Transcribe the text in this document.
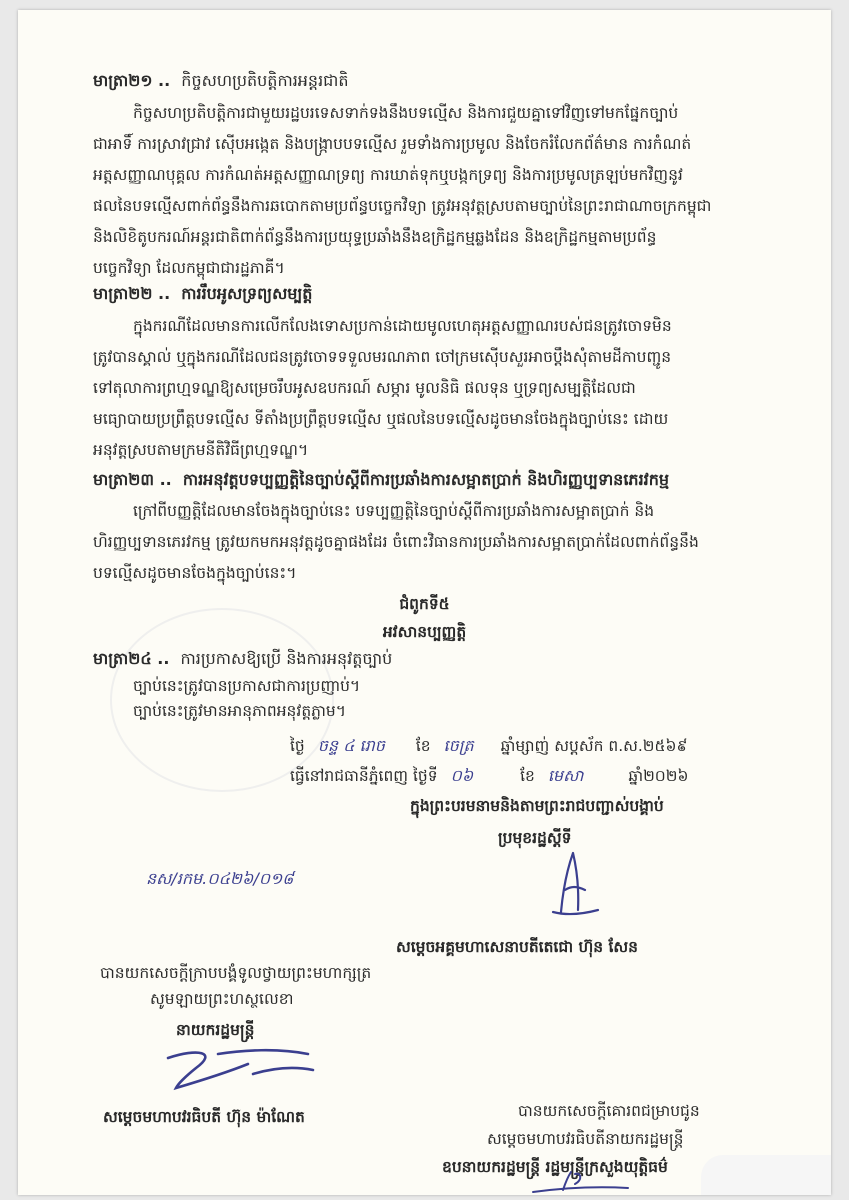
មាត្រា២១ .. កិច្ចសហប្រតិបត្តិការអន្តរជាតិ
កិច្ចសហប្រតិបត្តិការជាមួយរដ្ឋបរទេសទាក់ទងនឹងបទល្មើស និងការជួយគ្នាទៅវិញទៅមកផ្នែកច្បាប់
ជាអាទិ៍ ការស្រាវជ្រាវ ស៊ើបអង្កេត និងបង្ក្រាបបទល្មើស រួមទាំងការប្រមូល និងចែករំលែកព័ត៌មាន ការកំណត់
អត្តសញ្ញាណបុគ្គល ការកំណត់អត្តសញ្ញាណទ្រព្យ ការឃាត់ទុកឬបង្កកទ្រព្យ និងការប្រមូលត្រឡប់មកវិញនូវ
ផលនៃបទល្មើសពាក់ព័ន្ធនឹងការឆបោកតាមប្រព័ន្ធបច្ចេកវិទ្យា ត្រូវអនុវត្តស្របតាមច្បាប់នៃព្រះរាជាណាចក្រកម្ពុជា
និងលិខិតូបករណ៍អន្តរជាតិពាក់ព័ន្ធនឹងការប្រយុទ្ធប្រឆាំងនឹងឧក្រិដ្ឋកម្មឆ្លងដែន និងឧក្រិដ្ឋកម្មតាមប្រព័ន្ធ
បច្ចេកវិទ្យា ដែលកម្ពុជាជារដ្ឋភាគី។
មាត្រា២២ .. ការរឹបអូសទ្រព្យសម្បត្តិ
ក្នុងករណីដែលមានការលើកលែងទោសប្រកាន់ដោយមូលហេតុអត្តសញ្ញាណរបស់ជនត្រូវចោទមិន
ត្រូវបានស្គាល់ ឬក្នុងករណីដែលជនត្រូវចោទទទួលមរណភាព ចៅក្រមស៊ើបសួរអាចប្ដឹងសុំតាមដីកាបញ្ជូន
ទៅតុលាការព្រហ្មទណ្ឌឱ្យសម្រេចរឹបអូសឧបករណ៍ សម្ភារ មូលនិធិ ផលទុន ឬទ្រព្យសម្បត្តិដែលជា
មធ្យោបាយប្រព្រឹត្តបទល្មើស ទីតាំងប្រព្រឹត្តបទល្មើស ឬផលនៃបទល្មើសដូចមានចែងក្នុងច្បាប់នេះ ដោយ
អនុវត្តស្របតាមក្រមនីតិវិធីព្រហ្មទណ្ឌ។
មាត្រា២៣ .. ការអនុវត្តបទប្បញ្ញត្តិនៃច្បាប់ស្ដីពីការប្រឆាំងការសម្អាតប្រាក់ និងហិរញ្ញប្បទានភេរវកម្ម
ក្រៅពីបញ្ញត្តិដែលមានចែងក្នុងច្បាប់នេះ បទប្បញ្ញត្តិនៃច្បាប់ស្ដីពីការប្រឆាំងការសម្អាតប្រាក់ និង
ហិរញ្ញប្បទានភេរវកម្ម ត្រូវយកមកអនុវត្តដូចគ្នាផងដែរ ចំពោះវិធានការប្រឆាំងការសម្អាតប្រាក់ដែលពាក់ព័ន្ធនឹង
បទល្មើសដូចមានចែងក្នុងច្បាប់នេះ។
ជំពូកទី៥
អវសានប្បញ្ញត្តិ
មាត្រា២៤ .. ការប្រកាសឱ្យប្រើ និងការអនុវត្តច្បាប់
ច្បាប់នេះត្រូវបានប្រកាសជាការប្រញាប់។
ច្បាប់នេះត្រូវមានអានុភាពអនុវត្តភ្លាម។
ថ្ងៃ ចន្ទ ៤ រោច ខែ ចេត្រ ឆ្នាំម្សាញ់ សប្តស័ក ព.ស.២៥៦៩
ធ្វើនៅរាជធានីភ្នំពេញ ថ្ងៃទី ០៦	ខែ មេសា	ឆ្នាំ២០២៦
ក្នុងព្រះបរមនាមនិងតាមព្រះរាជបញ្ជាស់បង្គាប់
ប្រមុខរដ្ឋស្ដីទី
នស/រកម.០៤២៦/០១៨
សម្ដេចអគ្គមហាសេនាបតីតេជោ ហ៊ុន សែន
បានយកសេចក្ដីក្រាបបង្គំទូលថ្វាយព្រះមហាក្សត្រ
សូមឡាយព្រះហស្ថលេខា
នាយករដ្ឋមន្ត្រី
សម្ដេចមហាបវរធិបតី ហ៊ុន ម៉ាណែត	បានយកសេចក្ដីគោរពជម្រាបជូន
សម្ដេចមហាបវរធិបតីនាយករដ្ឋមន្ត្រី
ឧបនាយករដ្ឋមន្ត្រី រដ្ឋមន្ត្រីក្រសួងយុត្តិធម៌
